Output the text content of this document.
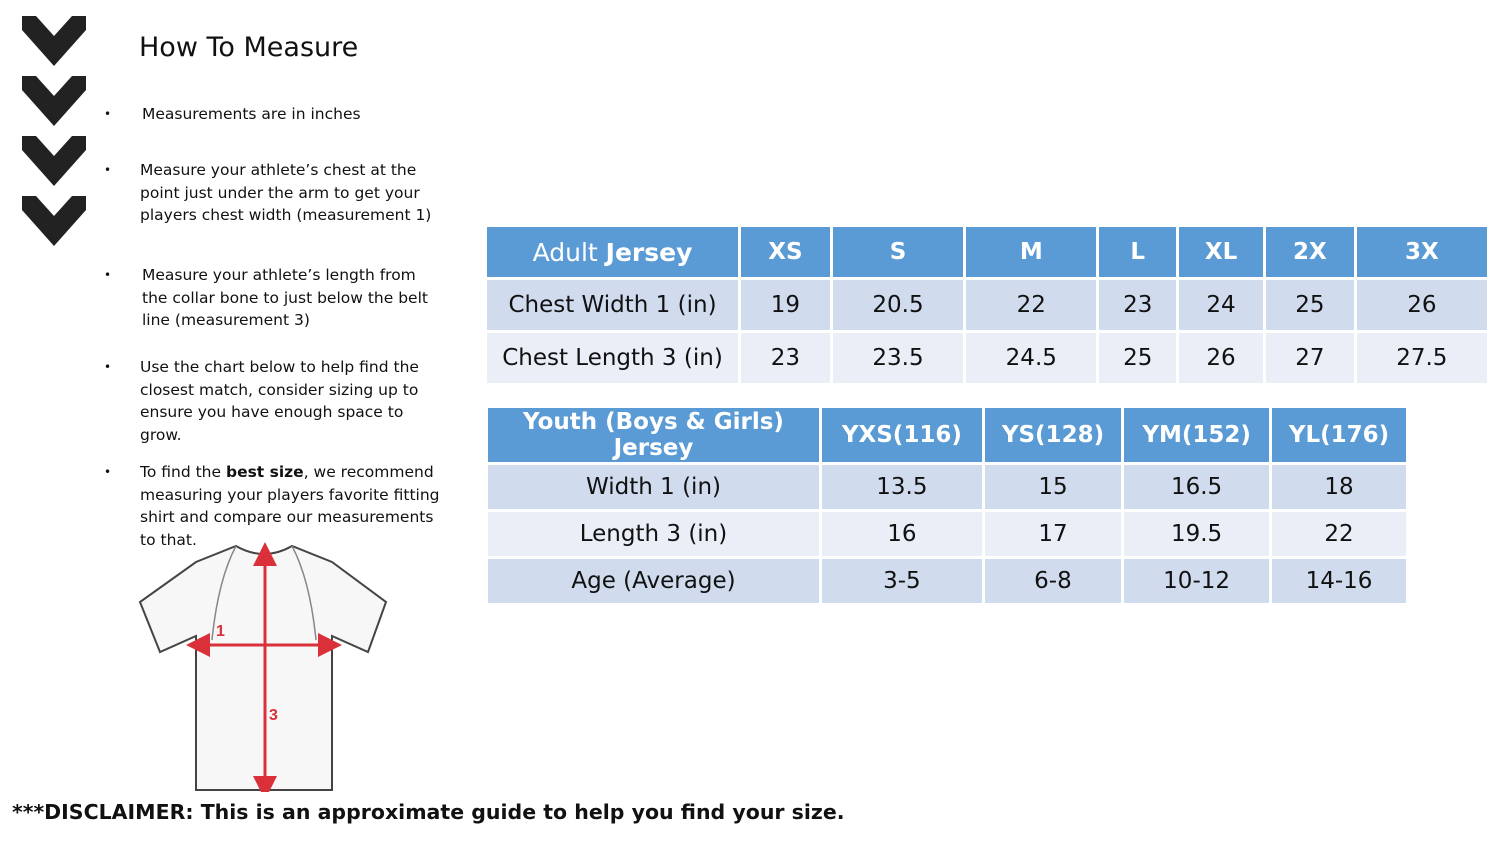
How To Measure
• Measurements are in inches
• Measure your athlete’s chest at the point just under the arm to get your players chest width (measurement 1)
• Measure your athlete’s length from the collar bone to just below the belt line (measurement 3)
• Use the chart below to help find the closest match, consider sizing up to ensure you have enough space to grow.
• To find the best size, we recommend measuring your players favorite fitting shirt and compare our measurements to that.
Adult Jersey	XS	S	M	L	XL	2X	3X
Chest Width 1 (in)	19	20.5	22	23	24	25	26
Chest Length 3 (in)	23	23.5	24.5	25	26	27	27.5
Youth (Boys & Girls) Jersey	YXS(116)	YS(128)	YM(152)	YL(176)
Width 1 (in)	13.5	15	16.5	18
Length 3 (in)	16	17	19.5	22
Age (Average)	3-5	6-8	10-12	14-16
1
3
***DISCLAIMER: This is an approximate guide to help you find your size.
